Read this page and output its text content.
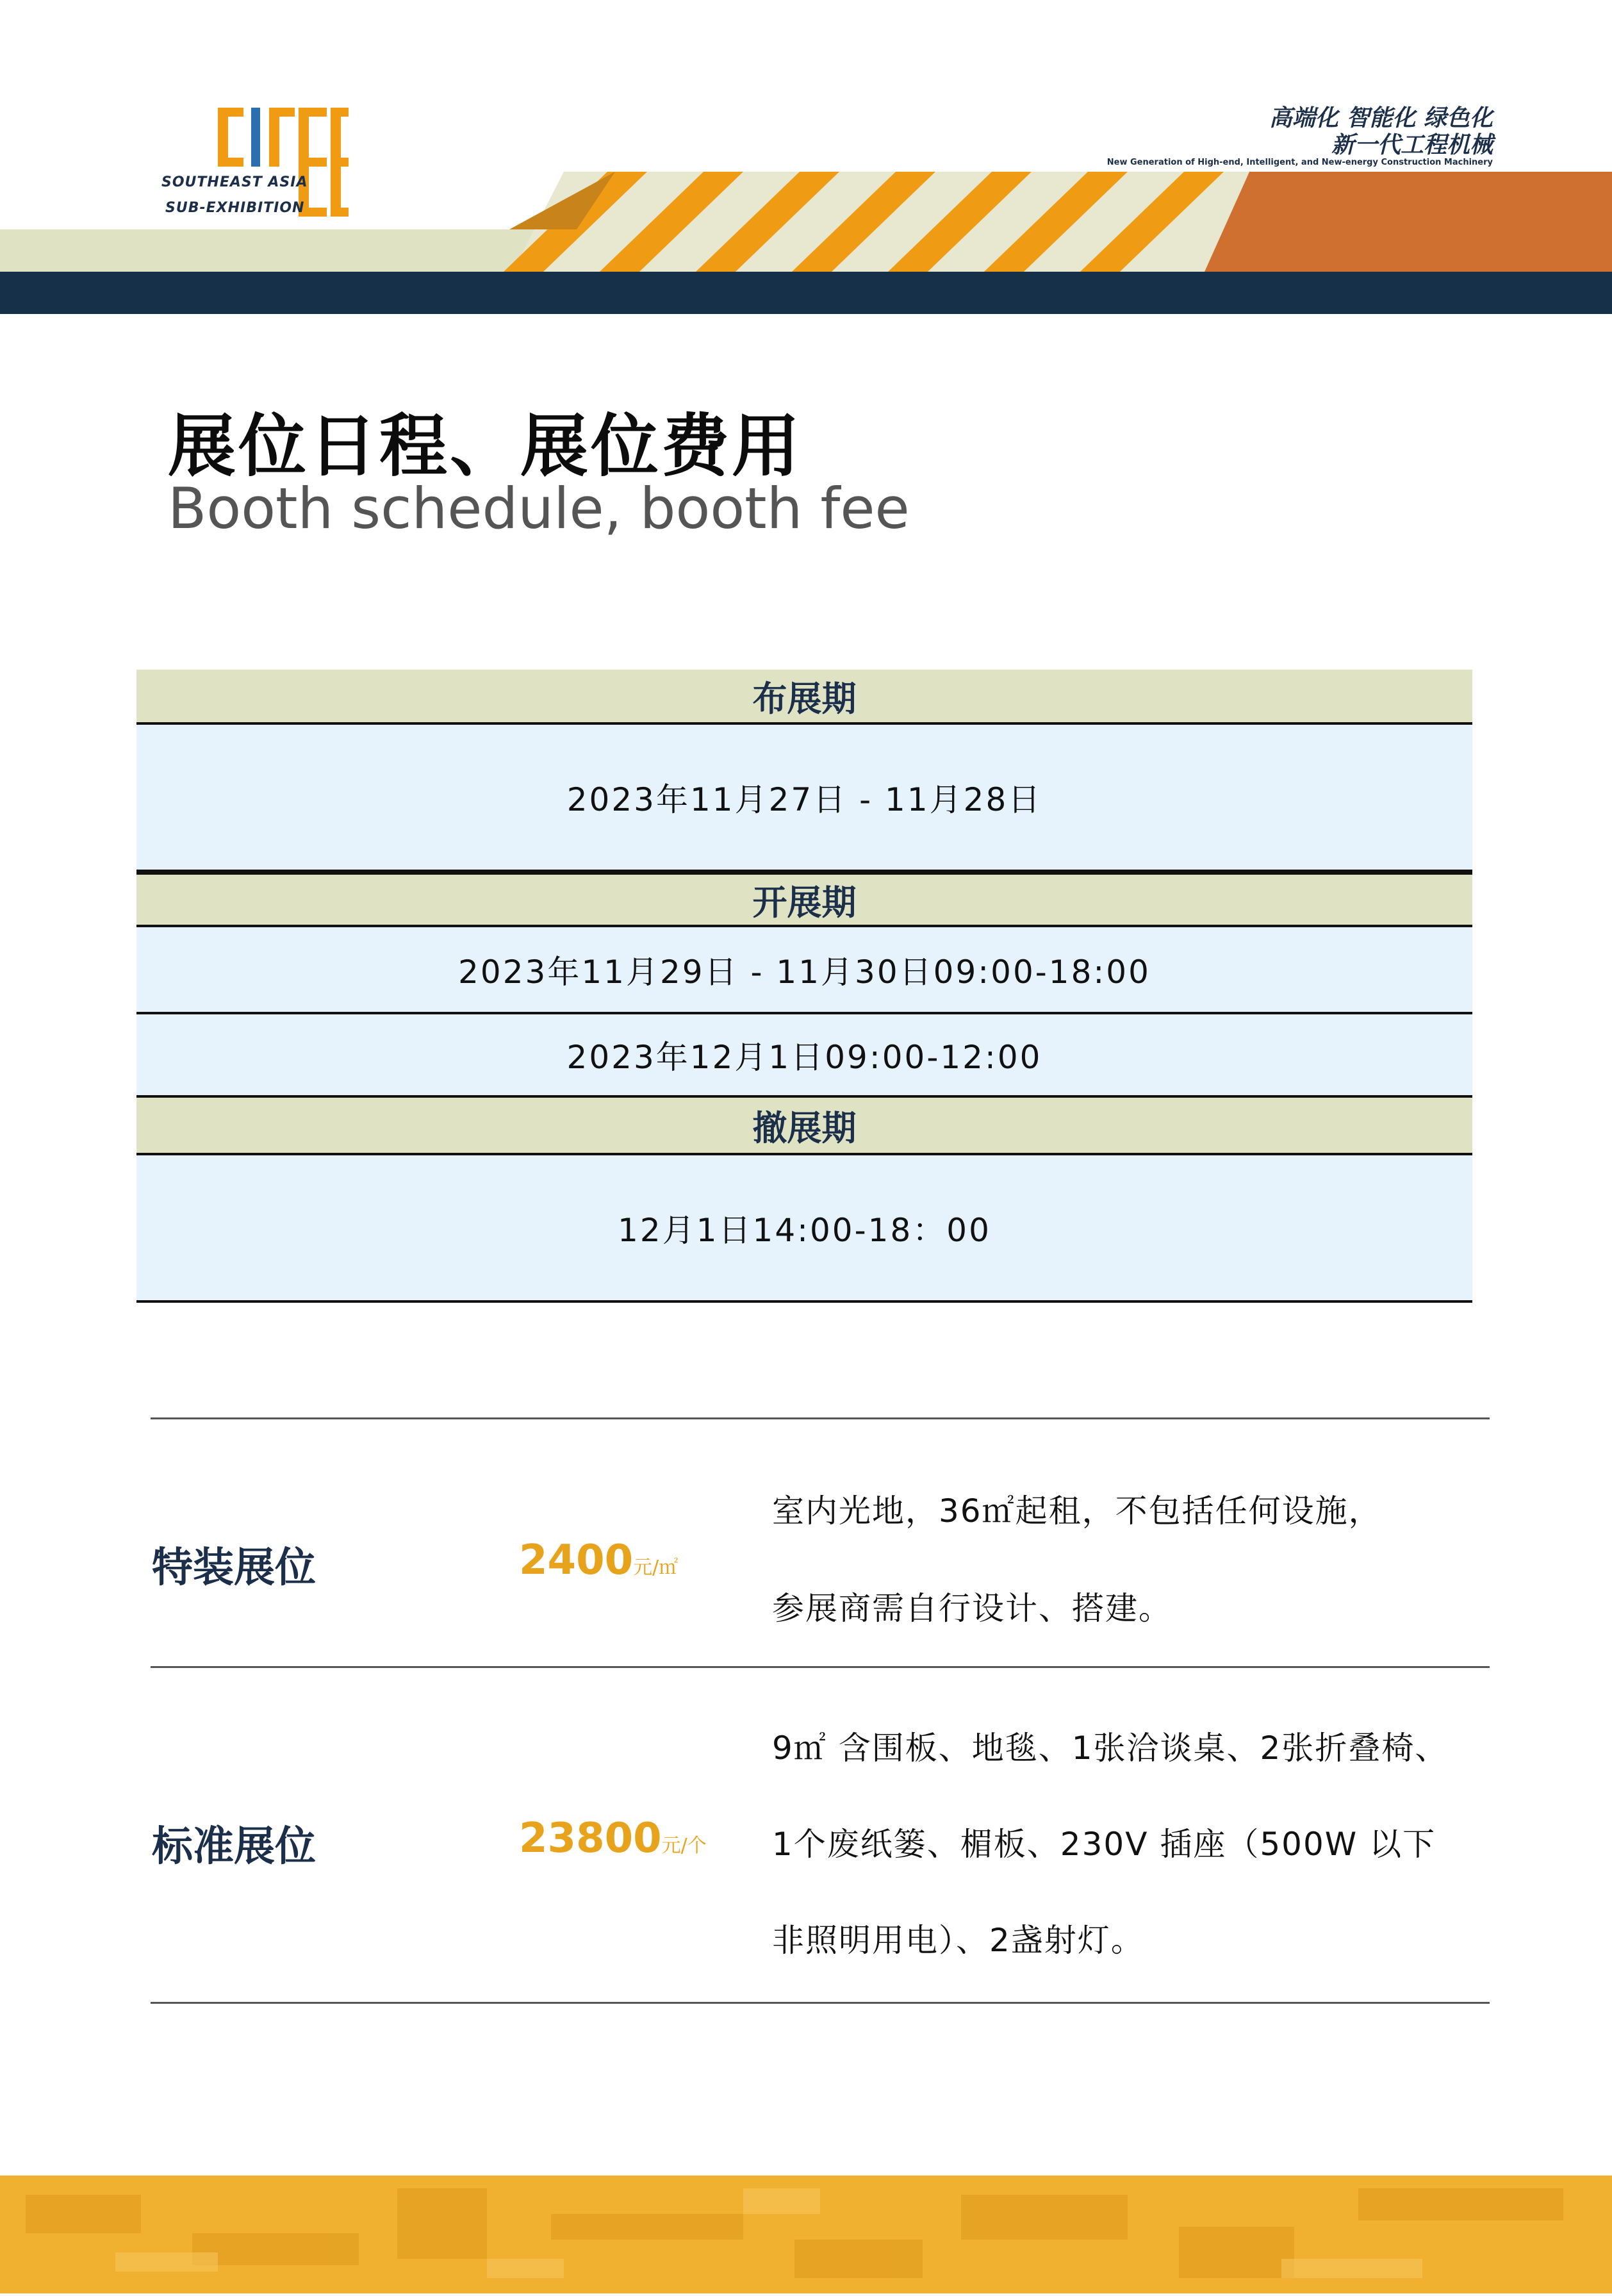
SOUTHEAST ASIA
SUB-EXHIBITION
高端化 智能化 绿色化
新一代工程机械
New Generation of High-end, Intelligent, and New-energy Construction Machinery
展位日程、展位费用
Booth schedule, booth fee
布展期
2023年11月27日 - 11月28日
开展期
2023年11月29日 - 11月30日09:00-18:00
2023年12月1日09:00-12:00
撤展期
12月1日14:00-18：00
特装展位	2400元/㎡
室内光地，36㎡起租，不包括任何设施，
参展商需自行设计、搭建。
标准展位	23800元/个
9㎡ 含围板、地毯、1张洽谈桌、2张折叠椅、
1个废纸篓、楣板、230V 插座（500W 以下
非照明用电）、2盏射灯。
